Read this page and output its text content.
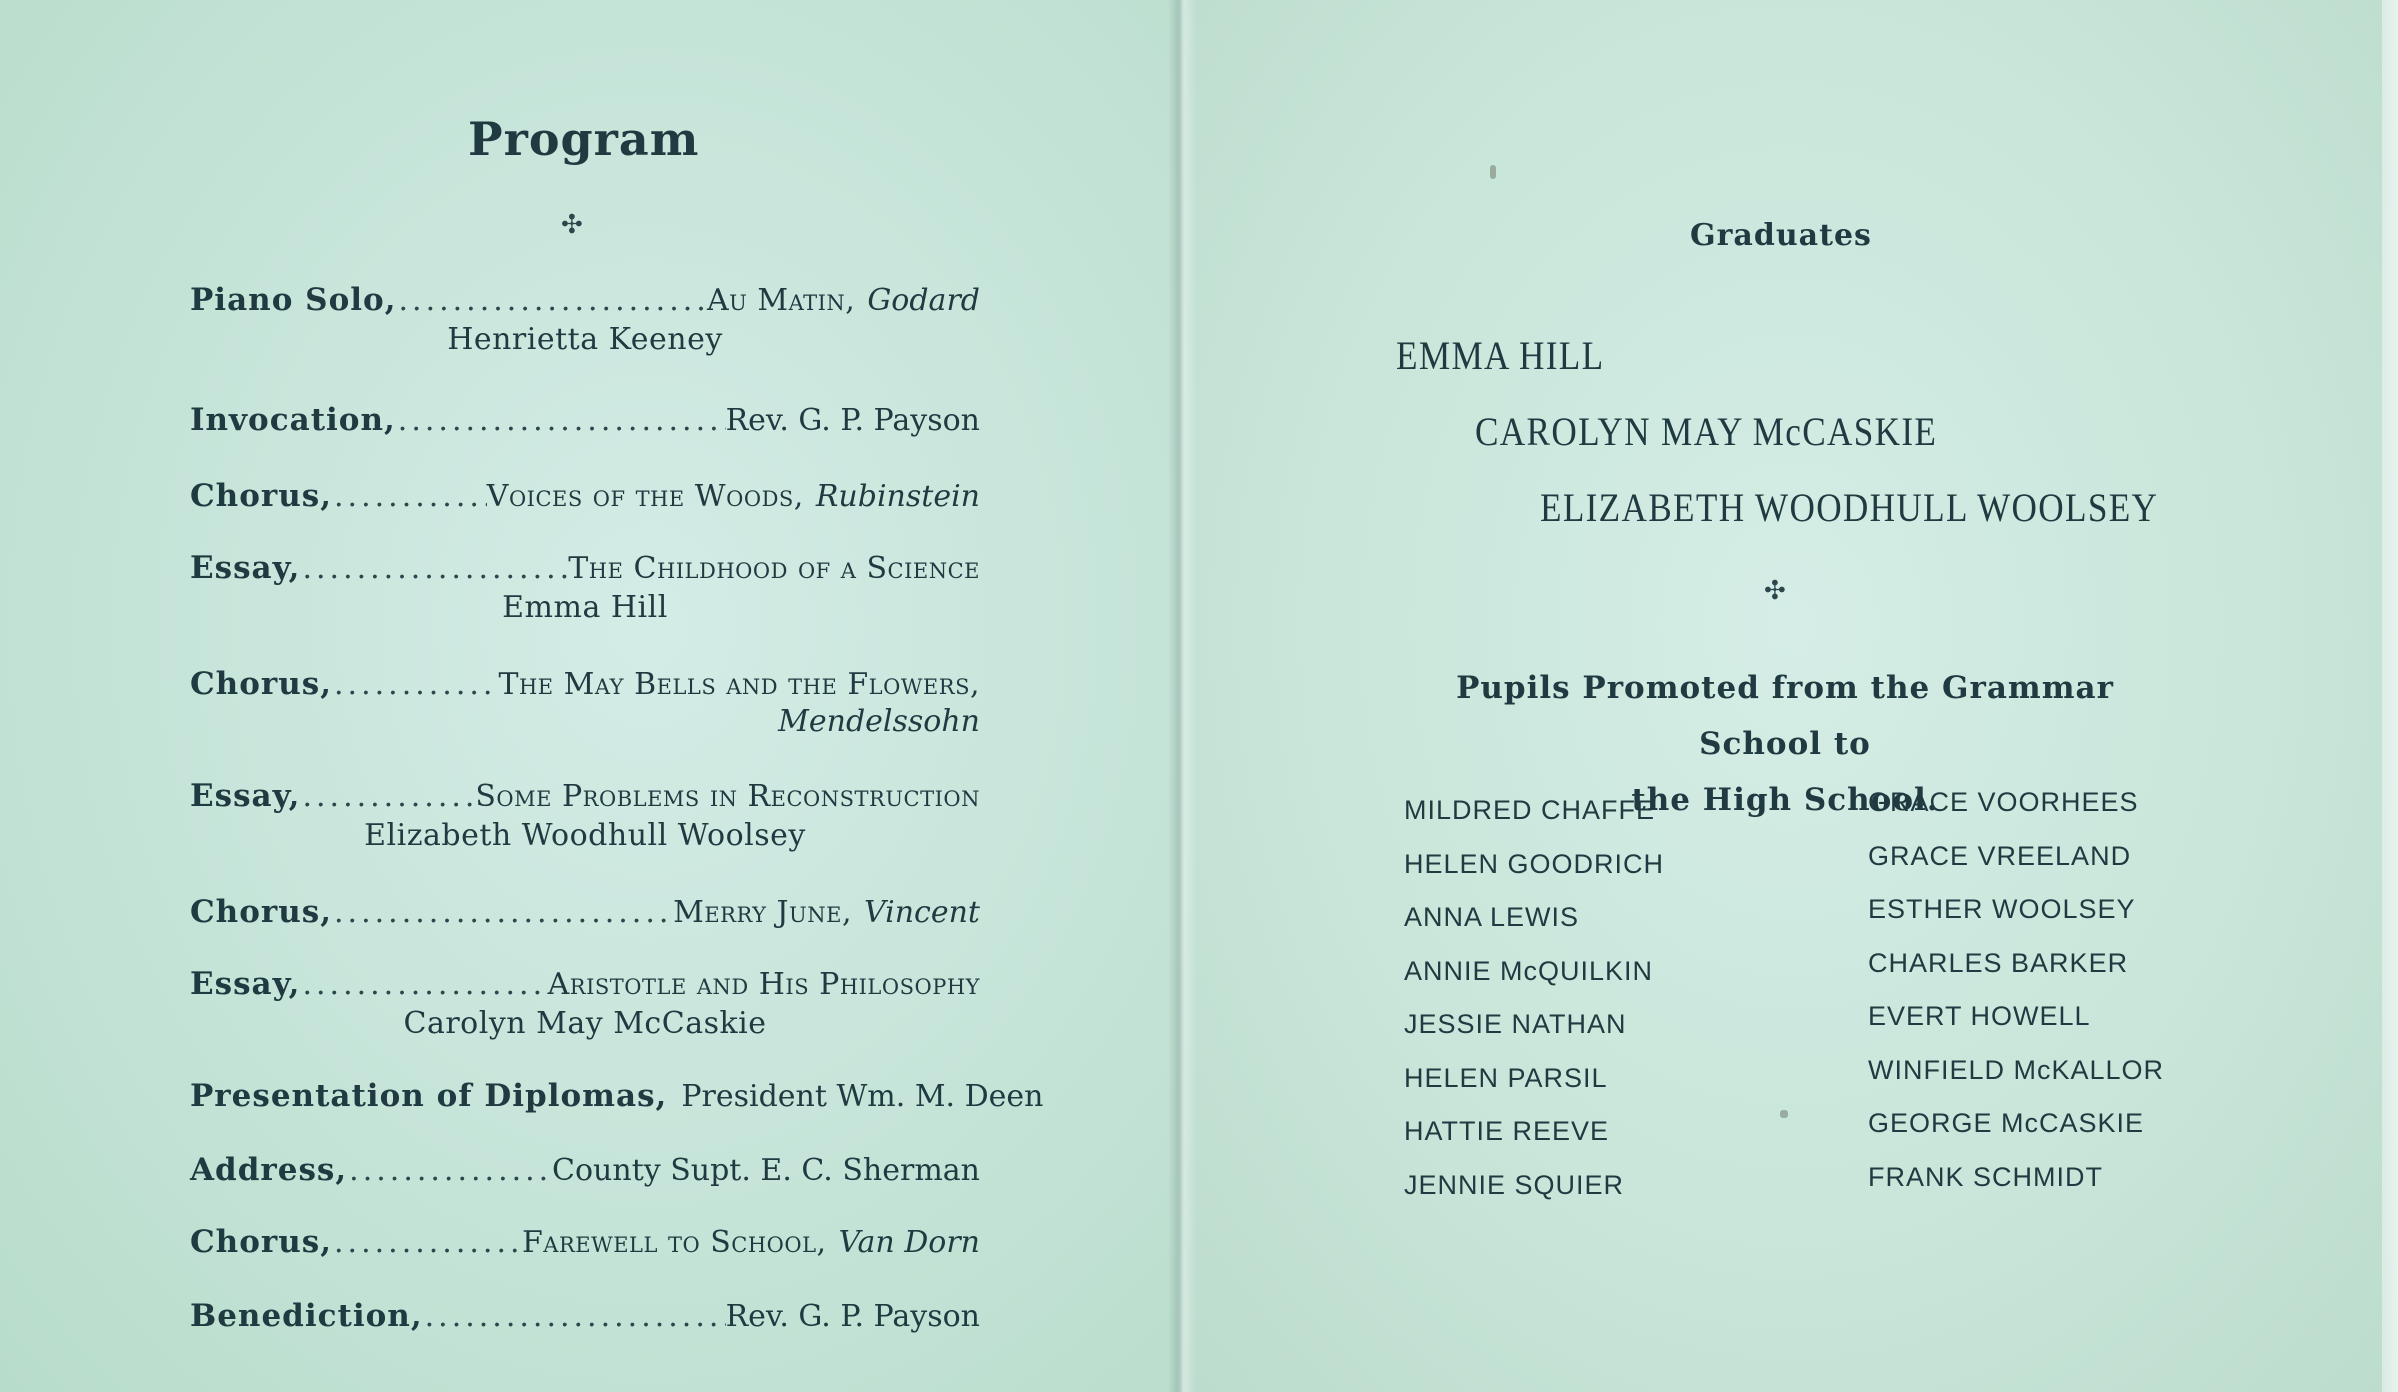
Program
✣
Piano Solo, .....	Au Matin, Godard
Henrietta Keeney
Invocation, .....	Rev. G. P. Payson
Chorus, .....	Voices of the Woods, Rubinstein
Essay, .....	The Childhood of a Science
Emma Hill
Chorus, .....	The May Bells and the Flowers,
Mendelssohn
Essay, .....	Some Problems in Reconstruction
Elizabeth Woodhull Woolsey
Chorus, .....	Merry June, Vincent
Essay, .....	Aristotle and His Philosophy
Carolyn May McCaskie
Presentation of Diplomas, President Wm. M. Deen
Address, .....	County Supt. E. C. Sherman
Chorus, .....	Farewell to School, Van Dorn
Benediction, .....	Rev. G. P. Payson
Graduates
EMMA HILL
CAROLYN MAY McCASKIE
ELIZABETH WOODHULL WOOLSEY
✣
Pupils Promoted from the Grammar School to
the High School.
MILDRED CHAFFE
HELEN GOODRICH
ANNA LEWIS
ANNIE McQUILKIN
JESSIE NATHAN
HELEN PARSIL
HATTIE REEVE
JENNIE SQUIER
GRACE VOORHEES
GRACE VREELAND
ESTHER WOOLSEY
CHARLES BARKER
EVERT HOWELL
WINFIELD McKALLOR
GEORGE McCASKIE
FRANK SCHMIDT
